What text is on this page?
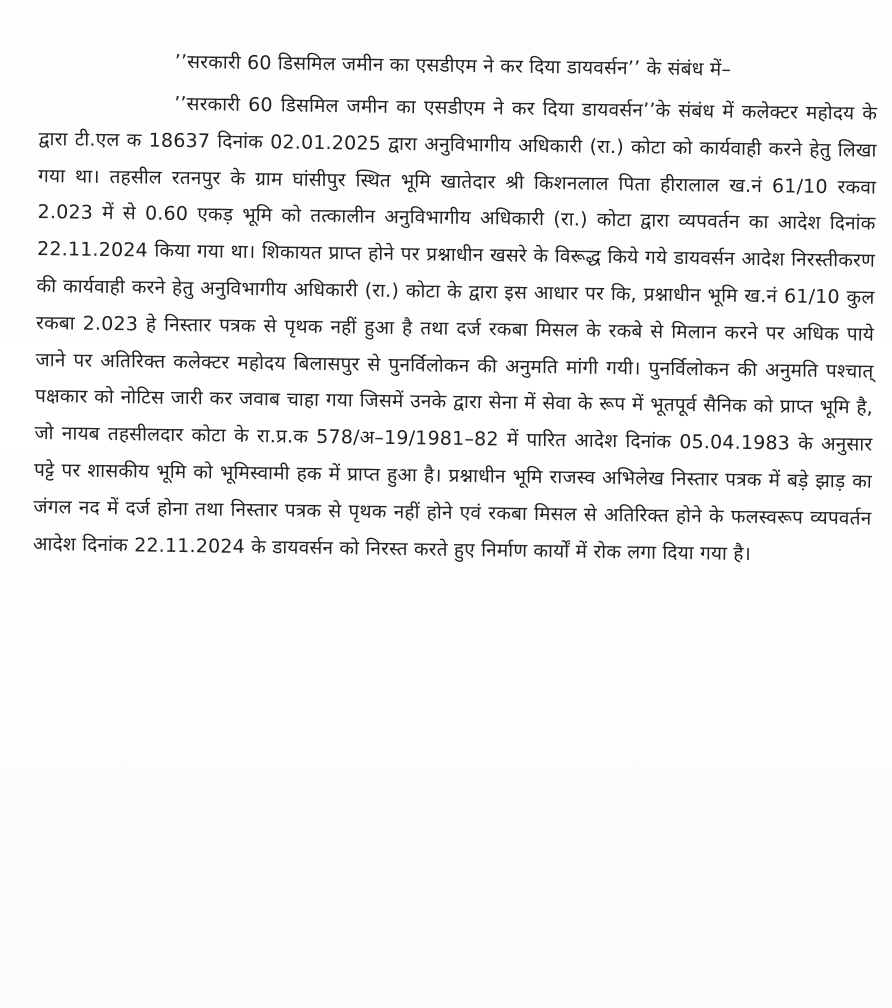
’’सरकारी 60 डिसमिल जमीन का एसडीएम ने कर दिया डायवर्सन’’ के संबंध में–

’’सरकारी 60 डिसमिल जमीन का एसडीएम ने कर दिया डायवर्सन’’के संबंध में कलेक्टर महोदय के द्वारा टी.एल क 18637 दिनांक 02.01.2025 द्वारा अनुविभागीय अधिकारी (रा.) कोटा को कार्यवाही करने हेतु लिखा गया था। तहसील रतनपुर के ग्राम घांसीपुर स्थित भूमि खातेदार श्री किशनलाल पिता हीरालाल ख.नं 61/10 रकवा 2.023 में से 0.60 एकड़ भूमि को तत्कालीन अनुविभागीय अधिकारी (रा.) कोटा द्वारा व्यपवर्तन का आदेश दिनांक 22.11.2024 किया गया था। शिकायत प्राप्त होने पर प्रश्नाधीन खसरे के विरूद्ध किये गये डायवर्सन आदेश निरस्तीकरण की कार्यवाही करने हेतु अनुविभागीय अधिकारी (रा.) कोटा के द्वारा इस आधार पर कि, प्रश्नाधीन भूमि ख.नं 61/10 कुल रकबा 2.023 हे निस्तार पत्रक से पृथक नहीं हुआ है तथा दर्ज रकबा मिसल के रकबे से मिलान करने पर अधिक पाये जाने पर अतिरिक्त कलेक्टर महोदय बिलासपुर से पुनर्विलोकन की अनुमति मांगी गयी। पुनर्विलोकन की अनुमति पश्चात् पक्षकार को नोटिस जारी कर जवाब चाहा गया जिसमें उनके द्वारा सेना में सेवा के रूप में भूतपूर्व सैनिक को प्राप्त भूमि है, जो नायब तहसीलदार कोटा के रा.प्र.क 578/अ–19/1981–82 में पारित आदेश दिनांक 05.04.1983 के अनुसार पट्टे पर शासकीय भूमि को भूमिस्वामी हक में प्राप्त हुआ है। प्रश्नाधीन भूमि राजस्व अभिलेख निस्तार पत्रक में बड़े झाड़ का जंगल नद में दर्ज होना तथा निस्तार पत्रक से पृथक नहीं होने एवं रकबा मिसल से अतिरिक्त होने के फलस्वरूप व्यपवर्तन आदेश दिनांक 22.11.2024 के डायवर्सन को निरस्त करते हुए निर्माण कार्यों में रोक लगा दिया गया है।
